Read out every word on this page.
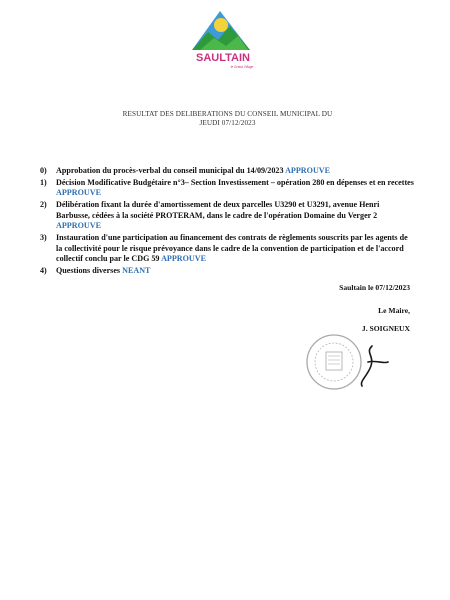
SAULTAIN
le Grand Village
RESULTAT DES DELIBERATIONS DU CONSEIL MUNICIPAL DU
JEUDI 07/12/2023
0) Approbation du procès-verbal du conseil municipal du 14/09/2023 APPROUVE
1) Décision Modificative Budgétaire n°3– Section Investissement – opération 280 en dépenses et en recettes APPROUVE
2) Délibération fixant la durée d'amortissement de deux parcelles U3290 et U3291, avenue Henri Barbusse, cédées à la société PROTERAM, dans le cadre de l'opération Domaine du Verger 2 APPROUVE
3) Instauration d'une participation au financement des contrats de règlements souscrits par les agents de la collectivité pour le risque prévoyance dans le cadre de la convention de participation et de l'accord collectif conclu par le CDG 59 APPROUVE
4) Questions diverses NEANT
Saultain le 07/12/2023
Le Maire,
J. SOIGNEUX
